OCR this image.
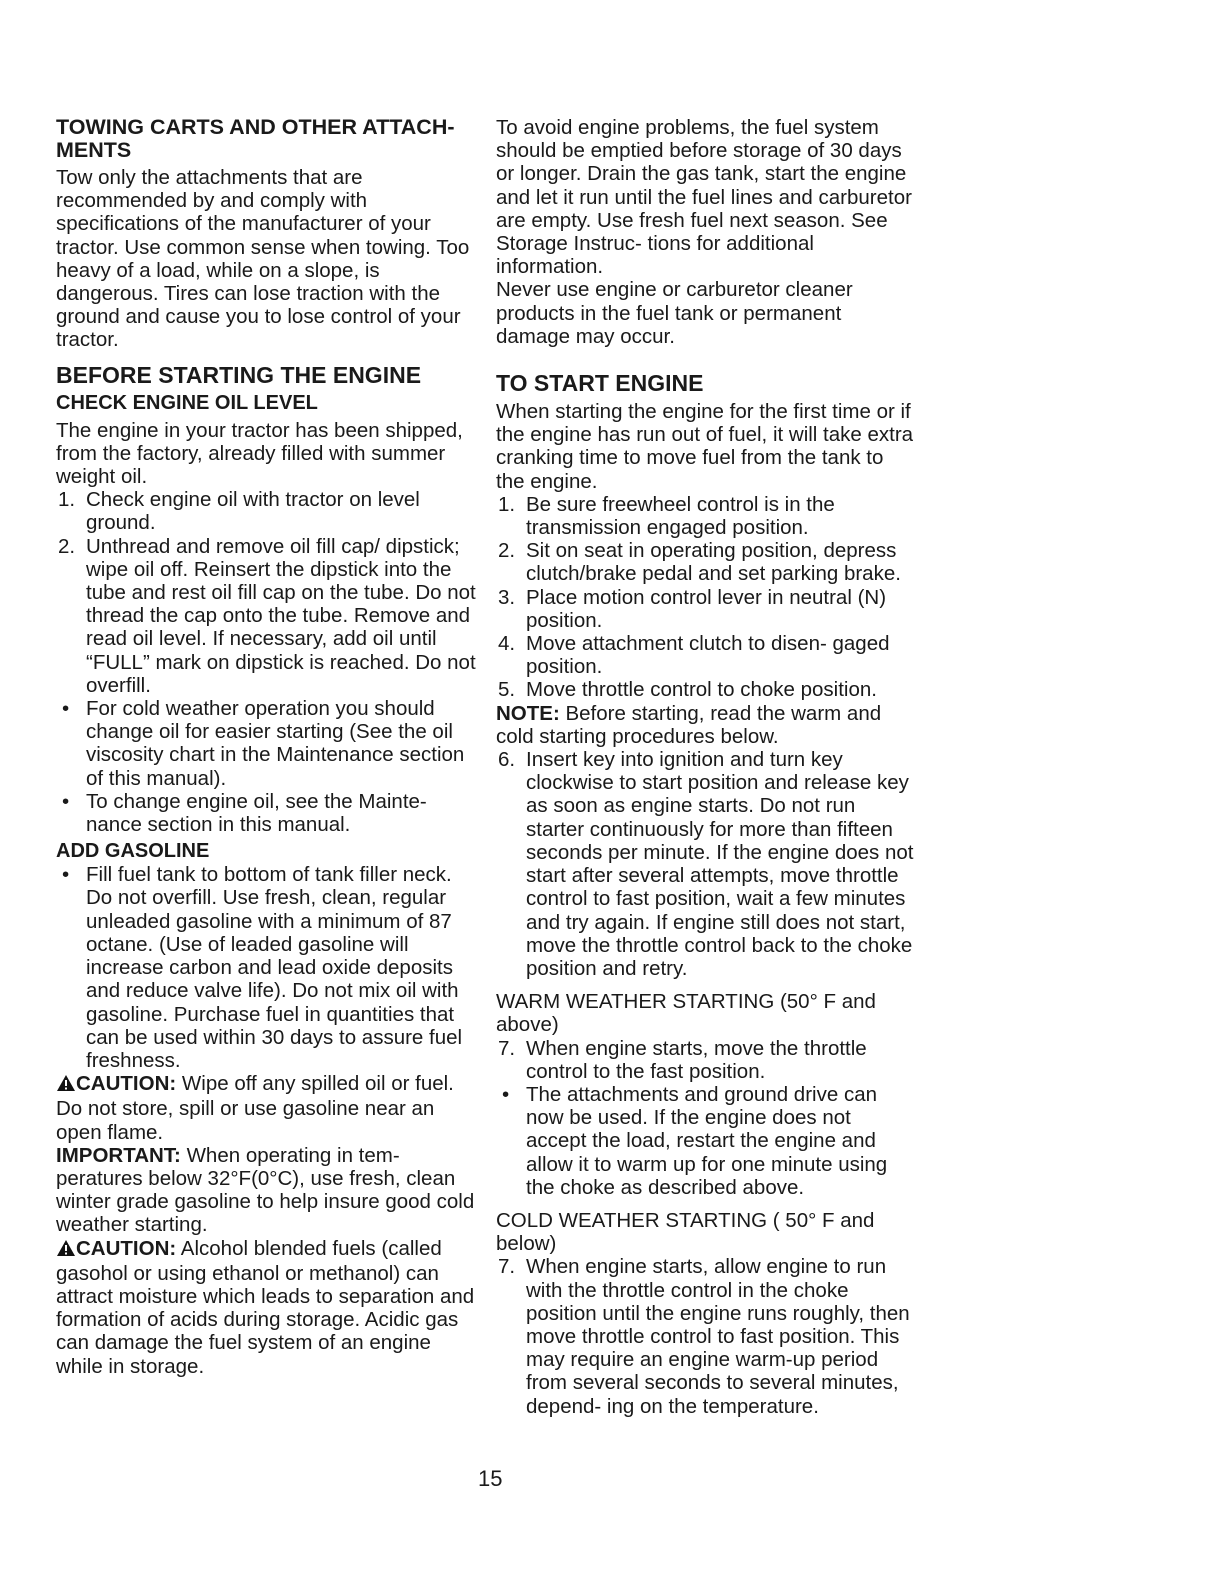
TOWING CARTS AND OTHER ATTACH-
MENTS

Tow only the attachments that are recommended by and comply with specifications of the manufacturer of your tractor. Use common sense when towing. Too heavy of a load, while on a slope, is dangerous. Tires can lose traction with the ground and cause you to lose control of your tractor.

BEFORE STARTING THE ENGINE

CHECK ENGINE OIL LEVEL

The engine in your tractor has been shipped, from the factory, already filled with summer weight oil.

1. Check engine oil with tractor on level ground.
2. Unthread and remove oil fill cap/ dipstick; wipe oil off. Reinsert the dipstick into the tube and rest oil fill cap on the tube. Do not thread the cap onto the tube. Remove and read oil level. If necessary, add oil until “FULL” mark on dipstick is reached. Do not overfill.
• For cold weather operation you should change oil for easier starting (See the oil viscosity chart in the Maintenance section of this manual).
• To change engine oil, see the Mainte- nance section in this manual.

ADD GASOLINE

• Fill fuel tank to bottom of tank filler neck. Do not overfill. Use fresh, clean, regular unleaded gasoline with a minimum of 87 octane. (Use of leaded gasoline will increase carbon and lead oxide deposits and reduce valve life). Do not mix oil with gasoline. Purchase fuel in quantities that can be used within 30 days to assure fuel freshness.

CAUTION: Wipe off any spilled oil or fuel. Do not store, spill or use gasoline near an open flame.

IMPORTANT: When operating in tem- peratures below 32°F(0°C), use fresh, clean winter grade gasoline to help insure good cold weather starting.

CAUTION: Alcohol blended fuels (called gasohol or using ethanol or methanol) can attract moisture which leads to separation and formation of acids during storage. Acidic gas can damage the fuel system of an engine while in storage.

To avoid engine problems, the fuel system should be emptied before storage of 30 days or longer. Drain the gas tank, start the engine and let it run until the fuel lines and carburetor are empty. Use fresh fuel next season. See Storage Instruc- tions for additional information.

Never use engine or carburetor cleaner products in the fuel tank or permanent damage may occur.

TO START ENGINE

When starting the engine for the first time or if the engine has run out of fuel, it will take extra cranking time to move fuel from the tank to the engine.

1. Be sure freewheel control is in the transmission engaged position.
2. Sit on seat in operating position, depress clutch/brake pedal and set parking brake.
3. Place motion control lever in neutral (N) position.
4. Move attachment clutch to disen- gaged position.
5. Move throttle control to choke position.

NOTE: Before starting, read the warm and cold starting procedures below.

6. Insert key into ignition and turn key clockwise to start position and release key as soon as engine starts. Do not run starter continuously for more than fifteen seconds per minute. If the engine does not start after several attempts, move throttle control to fast position, wait a few minutes and try again. If engine still does not start, move the throttle control back to the choke position and retry.

WARM WEATHER STARTING (50° F and above)

7. When engine starts, move the throttle control to the fast position.
• The attachments and ground drive can now be used. If the engine does not accept the load, restart the engine and allow it to warm up for one minute using the choke as described above.

COLD WEATHER STARTING ( 50° F and below)

7. When engine starts, allow engine to run with the throttle control in the choke position until the engine runs roughly, then move throttle control to fast position. This may require an engine warm-up period from several seconds to several minutes, depend- ing on the temperature.
15
